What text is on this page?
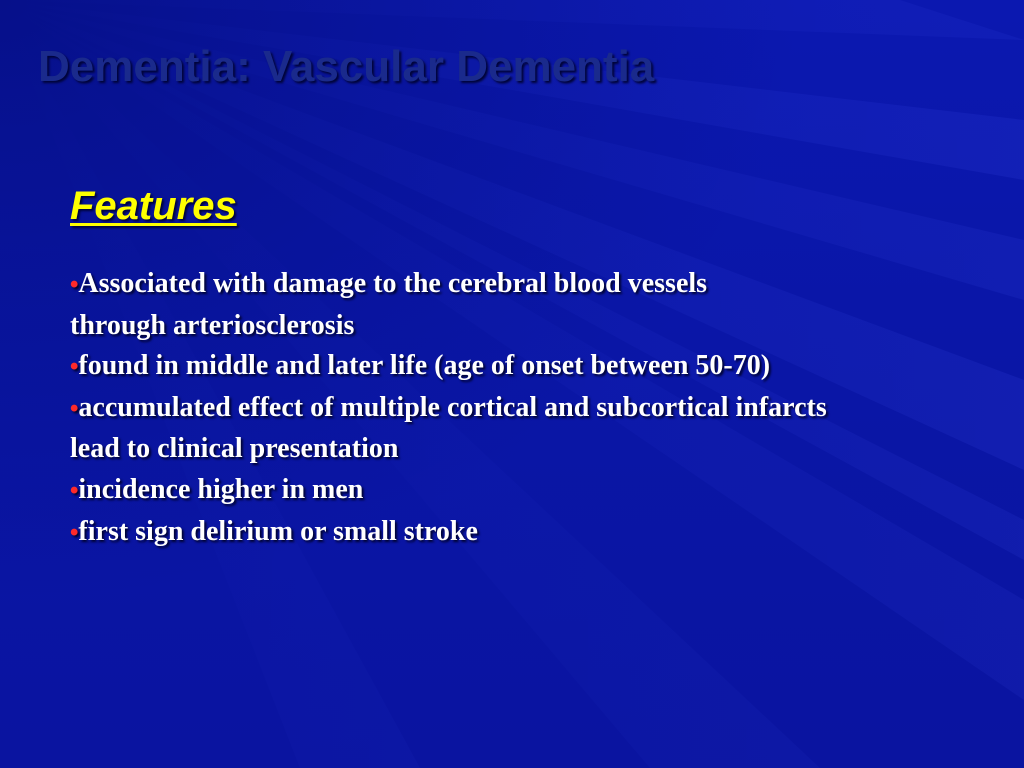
Dementia: Vascular Dementia
Features
•Associated with damage to the cerebral blood vessels
through arteriosclerosis
•found in middle and later life (age of onset between 50-70)
•accumulated effect of multiple cortical and subcortical infarcts
lead to clinical presentation
•incidence higher in men
•first sign delirium or small stroke
